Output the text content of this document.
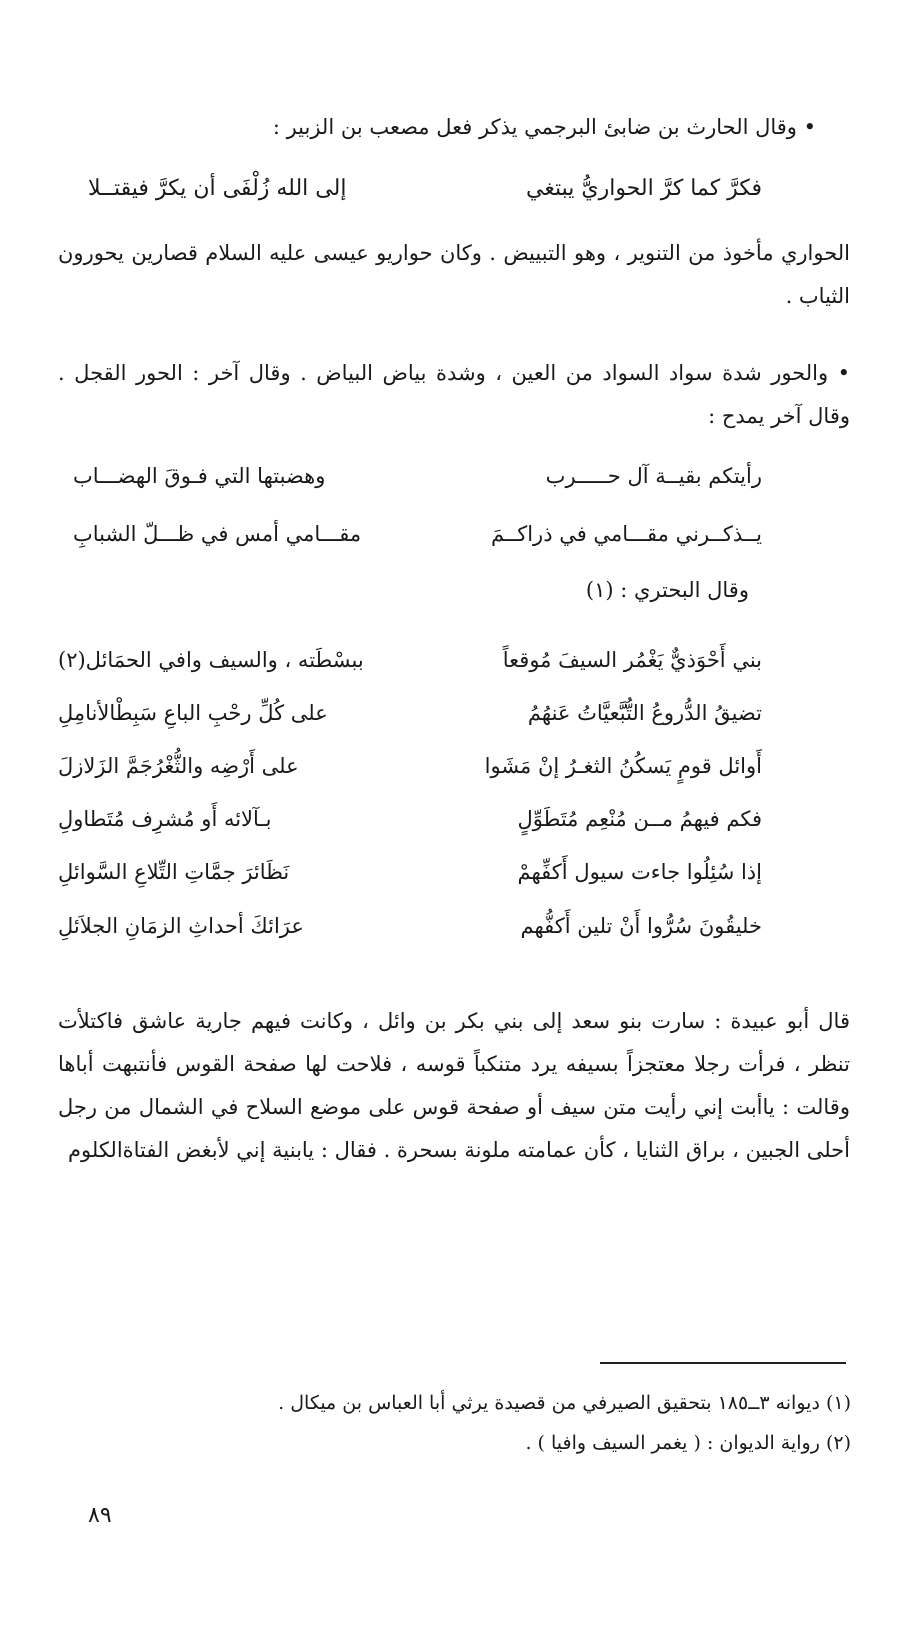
• وقال الحارث بن ضابئ البرجمي يذكر فعل مصعب بن الزبير :
فكرَّ كما كرَّ الحواريُّ يبتغي
إلى الله زُلْفَى أن يكرَّ فيقتــلا
الحواري مأخوذ من التنوير ، وهو التبييض . وكان حواريو عيسى عليه السلام قصارين يحورون الثياب .
• والحور شدة سواد السواد من العين ، وشدة بياض البياض . وقال آخر : الحور القجل . وقال آخر يمدح :
رأيتكم بقيــة آل حـــــرب
وهضبتها التي فـوقَ الهضـــاب
يــذكــرني مقـــامي في ذراكــمَ
مقـــامي أمس في ظـــلّ الشبابِ
وقال البحتري : (١)
بني أَحْوَذيٌّ يَغْمُر السيفَ مُوقعاً
ببسْطَته ، والسيف وافي الحمَائل(٢)
تضيقُ الدُّروعُ التُّبَّعيَّاتُ عَنهُمُ
على كُلِّ رحْبِ الباعِ سَبِطْالأنامِلِ
أَوائل قومٍ يَسكُنُ الثغـرُ إنْ مَشَوا
على أَرْضِه والثُّغْرُجَمَّ الزَلازلَ
فكم فيهمُ مــن مُنْعِم مُتَطَوِّلٍ
بـآلائه أَو مُشرِف مُتَطاولِ
إذا سُئِلُوا جاءت سيول أَكفِّهمْ
نَظَائرَ جمَّاتِ التِّلاعِ السَّوائلِ
خليقُونَ سُرُّوا أَنْ تلين أَكفُّهم
عرَائكَ أحداثِ الزمَانِ الجلاَئلِ
قال أبو عبيدة : سارت بنو سعد إلى بني بكر بن وائل ، وكانت فيهم جارية عاشق فاكتلأت تنظر ، فرأت رجلا معتجزاً بسيفه يرد متنكباً قوسه ، فلاحت لها صفحة القوس فأنتبهت أباها وقالت : ياأبت إني رأيت متن سيف أو صفحة قوس على موضع السلاح في الشمال من رجل أحلى الجبين ، براق الثنايا ، كأن عمامته ملونة بسحرة . فقال : يابنية إني لأبغض الفتاةالكلوم
(١) ديوانه ٣ــ١٨٥ بتحقيق الصيرفي من قصيدة يرثي أبا العباس بن ميكال .
(٢) رواية الديوان : ( يغمر السيف وافيا ) .
٨٩
